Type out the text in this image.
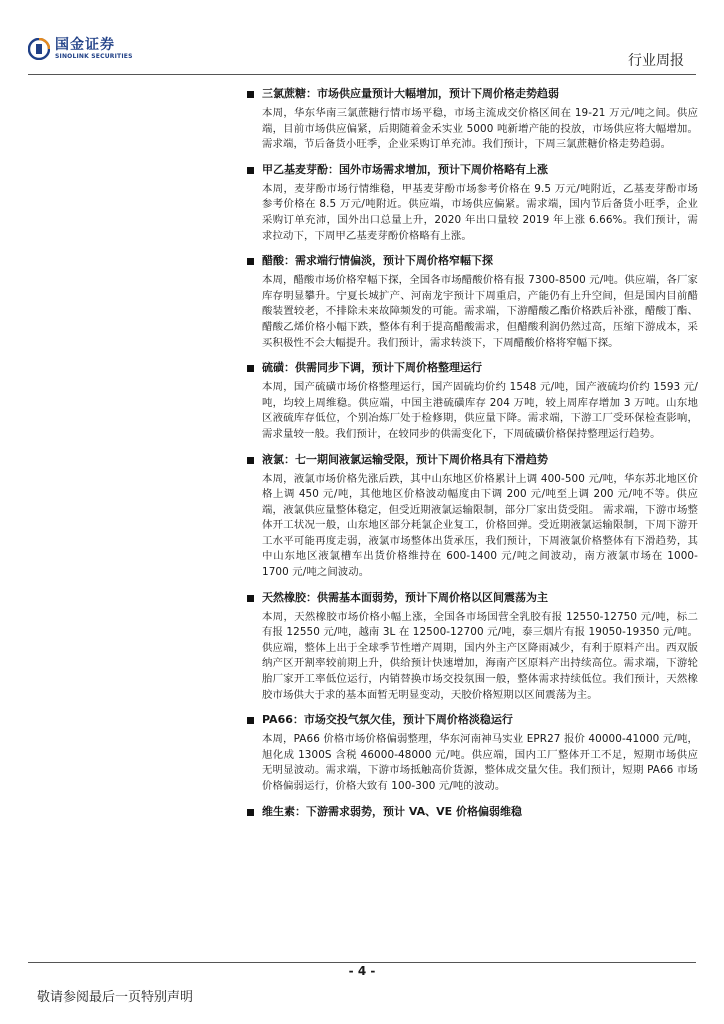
国金证券
SINOLINK SECURITIES	行业周报
三氯蔗糖：市场供应量预计大幅增加，预计下周价格走势趋弱
本周，华东华南三氯蔗糖行情市场平稳，市场主流成交价格区间在 19-21 万元/吨之间。供应端，目前市场供应偏紧，后期随着金禾实业 5000 吨新增产能的投放，市场供应将大幅增加。需求端，节后备货小旺季，企业采购订单充沛。我们预计，下周三氯蔗糖价格走势趋弱。
甲乙基麦芽酚：国外市场需求增加，预计下周价格略有上涨
本周，麦芽酚市场行情维稳，甲基麦芽酚市场参考价格在 9.5 万元/吨附近，乙基麦芽酚市场参考价格在 8.5 万元/吨附近。供应端，市场供应偏紧。需求端，国内节后备货小旺季，企业采购订单充沛，国外出口总量上升，2020 年出口量较 2019 年上涨 6.66%。我们预计，需求拉动下，下周甲乙基麦芽酚价格略有上涨。
醋酸：需求端行情偏淡，预计下周价格窄幅下探
本周，醋酸市场价格窄幅下探，全国各市场醋酸价格有报 7300-8500 元/吨。供应端，各厂家库存明显攀升。宁夏长城扩产、河南龙宇预计下周重启，产能仍有上升空间，但是国内目前醋酸装置较老，不排除未来故障频发的可能。需求端，下游醋酸乙酯价格跌后补涨，醋酸丁酯、醋酸乙烯价格小幅下跌，整体有利于提高醋酸需求，但醋酸利润仍然过高，压缩下游成本，采买积极性不会大幅提升。我们预计，需求转淡下，下周醋酸价格将窄幅下探。
硫磺：供需同步下调，预计下周价格整理运行
本周，国产硫磺市场价格整理运行，国产固硫均价约 1548 元/吨，国产液硫均价约 1593 元/吨，均较上周维稳。供应端，中国主港硫磺库存 204 万吨，较上周库存增加 3 万吨。山东地区液硫库存低位，个别冶炼厂处于检修期，供应量下降。需求端，下游工厂受环保检查影响，需求量较一般。我们预计，在较同步的供需变化下，下周硫磺价格保持整理运行趋势。
液氯：七一期间液氯运输受限，预计下周价格具有下滑趋势
本周，液氯市场价格先涨后跌，其中山东地区价格累计上调 400-500 元/吨，华东苏北地区价格上调 450 元/吨，其他地区价格波动幅度由下调 200 元/吨至上调 200 元/吨不等。供应端，液氯供应量整体稳定，但受近期液氯运输限制，部分厂家出货受阻。 需求端，下游市场整体开工状况一般，山东地区部分耗氯企业复工，价格回弹。受近期液氯运输限制，下周下游开工水平可能再度走弱，液氯市场整体出货承压，我们预计，下周液氯价格整体有下滑趋势，其中山东地区液氯槽车出货价格维持在 600-1400 元/吨之间波动，南方液氯市场在 1000-1700 元/吨之间波动。
天然橡胶：供需基本面弱势，预计下周价格以区间震荡为主
本周，天然橡胶市场价格小幅上涨，全国各市场国营全乳胶有报 12550-12750 元/吨，标二有报 12550 元/吨，越南 3L 在 12500-12700 元/吨，泰三烟片有报 19050-19350 元/吨。供应端，整体上出于全球季节性增产周期，国内外主产区降雨减少，有利于原料产出。西双版纳产区开割率较前期上升，供给预计快速增加，海南产区原料产出持续高位。需求端，下游轮胎厂家开工率低位运行，内销替换市场交投氛围一般，整体需求持续低位。我们预计，天然橡胶市场供大于求的基本面暂无明显变动，天胶价格短期以区间震荡为主。
PA66：市场交投气氛欠佳，预计下周价格淡稳运行
本周，PA66 价格市场价格偏弱整理，华东河南神马实业 EPR27 报价 40000-41000 元/吨，旭化成 1300S 含税 46000-48000 元/吨。供应端，国内工厂整体开工不足，短期市场供应无明显波动。需求端，下游市场抵触高价货源，整体成交量欠佳。我们预计，短期 PA66 市场价格偏弱运行，价格大致有 100-300 元/吨的波动。
维生素：下游需求弱势，预计 VA、VE 价格偏弱维稳
- 4 -
敬请参阅最后一页特别声明
